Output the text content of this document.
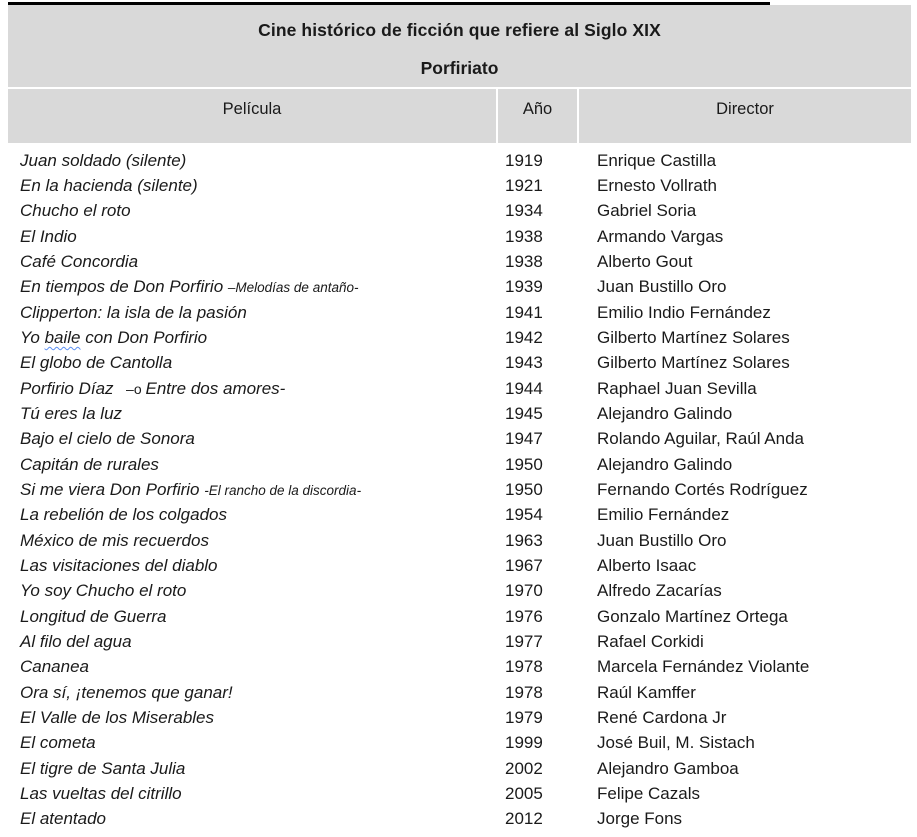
Cine histórico de ficción que refiere al Siglo XIX
Porfiriato
Película	Año	Director
Juan soldado (silente)	1919	Enrique Castilla
En la hacienda (silente)	1921	Ernesto Vollrath
Chucho el roto	1934	Gabriel Soria
El Indio	1938	Armando Vargas
Café Concordia	1938	Alberto Gout
En tiempos de Don Porfirio –Melodías de antaño-	1939	Juan Bustillo Oro
Clipperton: la isla de la pasión	1941	Emilio Indio Fernández
Yo baile con Don Porfirio	1942	Gilberto Martínez Solares
El globo de Cantolla	1943	Gilberto Martínez Solares
Porfirio Díaz   –o Entre dos amores-	1944	Raphael Juan Sevilla
Tú eres la luz	1945	Alejandro Galindo
Bajo el cielo de Sonora	1947	Rolando Aguilar, Raúl Anda
Capitán de rurales	1950	Alejandro Galindo
Si me viera Don Porfirio -El rancho de la discordia-	1950	Fernando Cortés Rodríguez
La rebelión de los colgados	1954	Emilio Fernández
México de mis recuerdos	1963	Juan Bustillo Oro
Las visitaciones del diablo	1967	Alberto Isaac
Yo soy Chucho el roto	1970	Alfredo Zacarías
Longitud de Guerra	1976	Gonzalo Martínez Ortega
Al filo del agua	1977	Rafael Corkidi
Cananea	1978	Marcela Fernández Violante
Ora sí, ¡tenemos que ganar!	1978	Raúl Kamffer
El Valle de los Miserables	1979	René Cardona Jr
El cometa	1999	José Buil, M. Sistach
El tigre de Santa Julia	2002	Alejandro Gamboa
Las vueltas del citrillo	2005	Felipe Cazals
El atentado	2012	Jorge Fons
